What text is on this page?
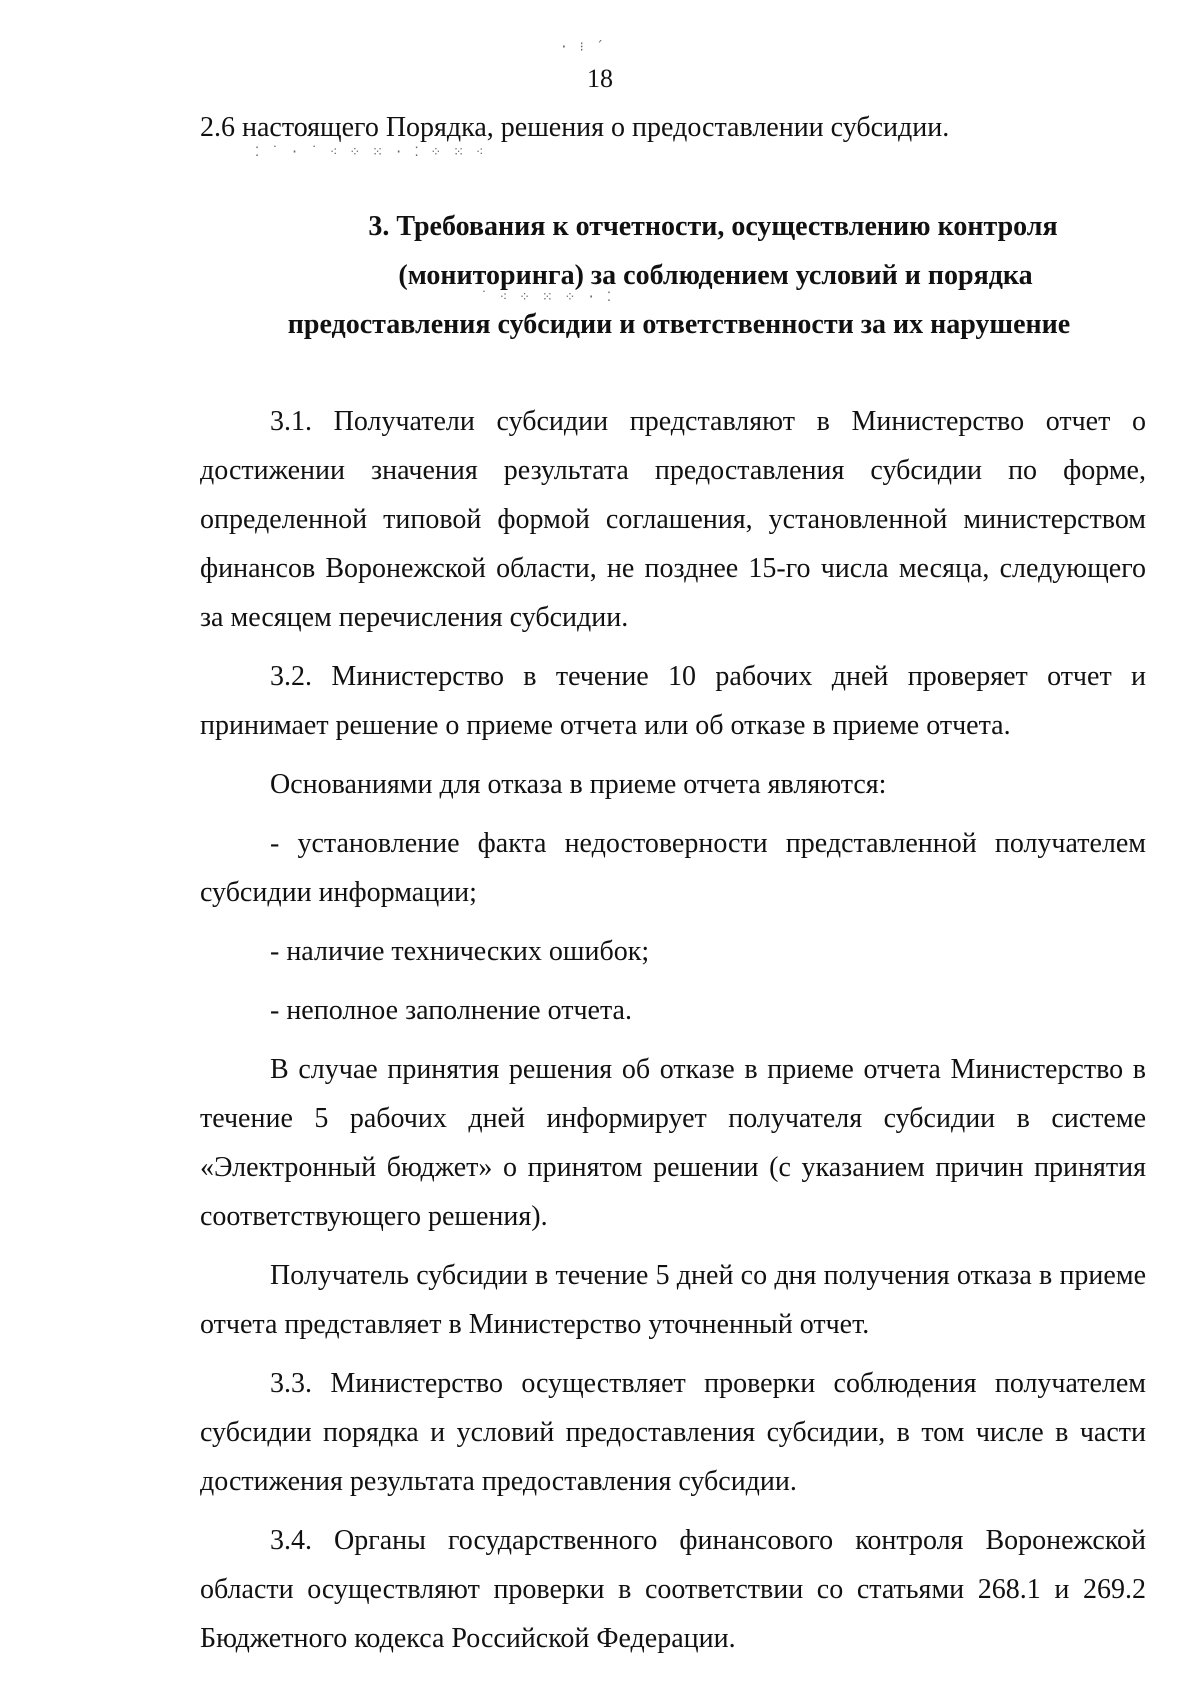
· ⁝ ´
⁚ ˙ · ˙ ⁖ ⁘ ⁙ · ⁚ ⁘ ⁙ ⁖
˙ ⁖ ⁘ ⁙ ⁘ · ⁚
18
2.6 настоящего Порядка, решения о предоставлении субсидии.
3. Требования к отчетности, осуществлению контроля
(мониторинга) за соблюдением условий и порядка
предоставления субсидии и ответственности за их нарушение

3.1. Получатели субсидии представляют в Министерство отчет о достижении значения результата предоставления субсидии по форме, определенной типовой формой соглашения, установленной министерством финансов Воронежской области, не позднее 15-го числа месяца, следующего за месяцем перечисления субсидии.

3.2. Министерство в течение 10 рабочих дней проверяет отчет и принимает решение о приеме отчета или об отказе в приеме отчета.

Основаниями для отказа в приеме отчета являются:

- установление факта недостоверности представленной получателем субсидии информации;

- наличие технических ошибок;

- неполное заполнение отчета.

В случае принятия решения об отказе в приеме отчета Министерство в течение 5 рабочих дней информирует получателя субсидии в системе «Электронный бюджет» о принятом решении (с указанием причин принятия соответствующего решения).

Получатель субсидии в течение 5 дней со дня получения отказа в приеме отчета представляет в Министерство уточненный отчет.

3.3. Министерство осуществляет проверки соблюдения получателем субсидии порядка и условий предоставления субсидии, в том числе в части достижения результата предоставления субсидии.

3.4. Органы государственного финансового контроля Воронежской области осуществляют проверки в соответствии со статьями 268.1 и 269.2 Бюджетного кодекса Российской Федерации.
